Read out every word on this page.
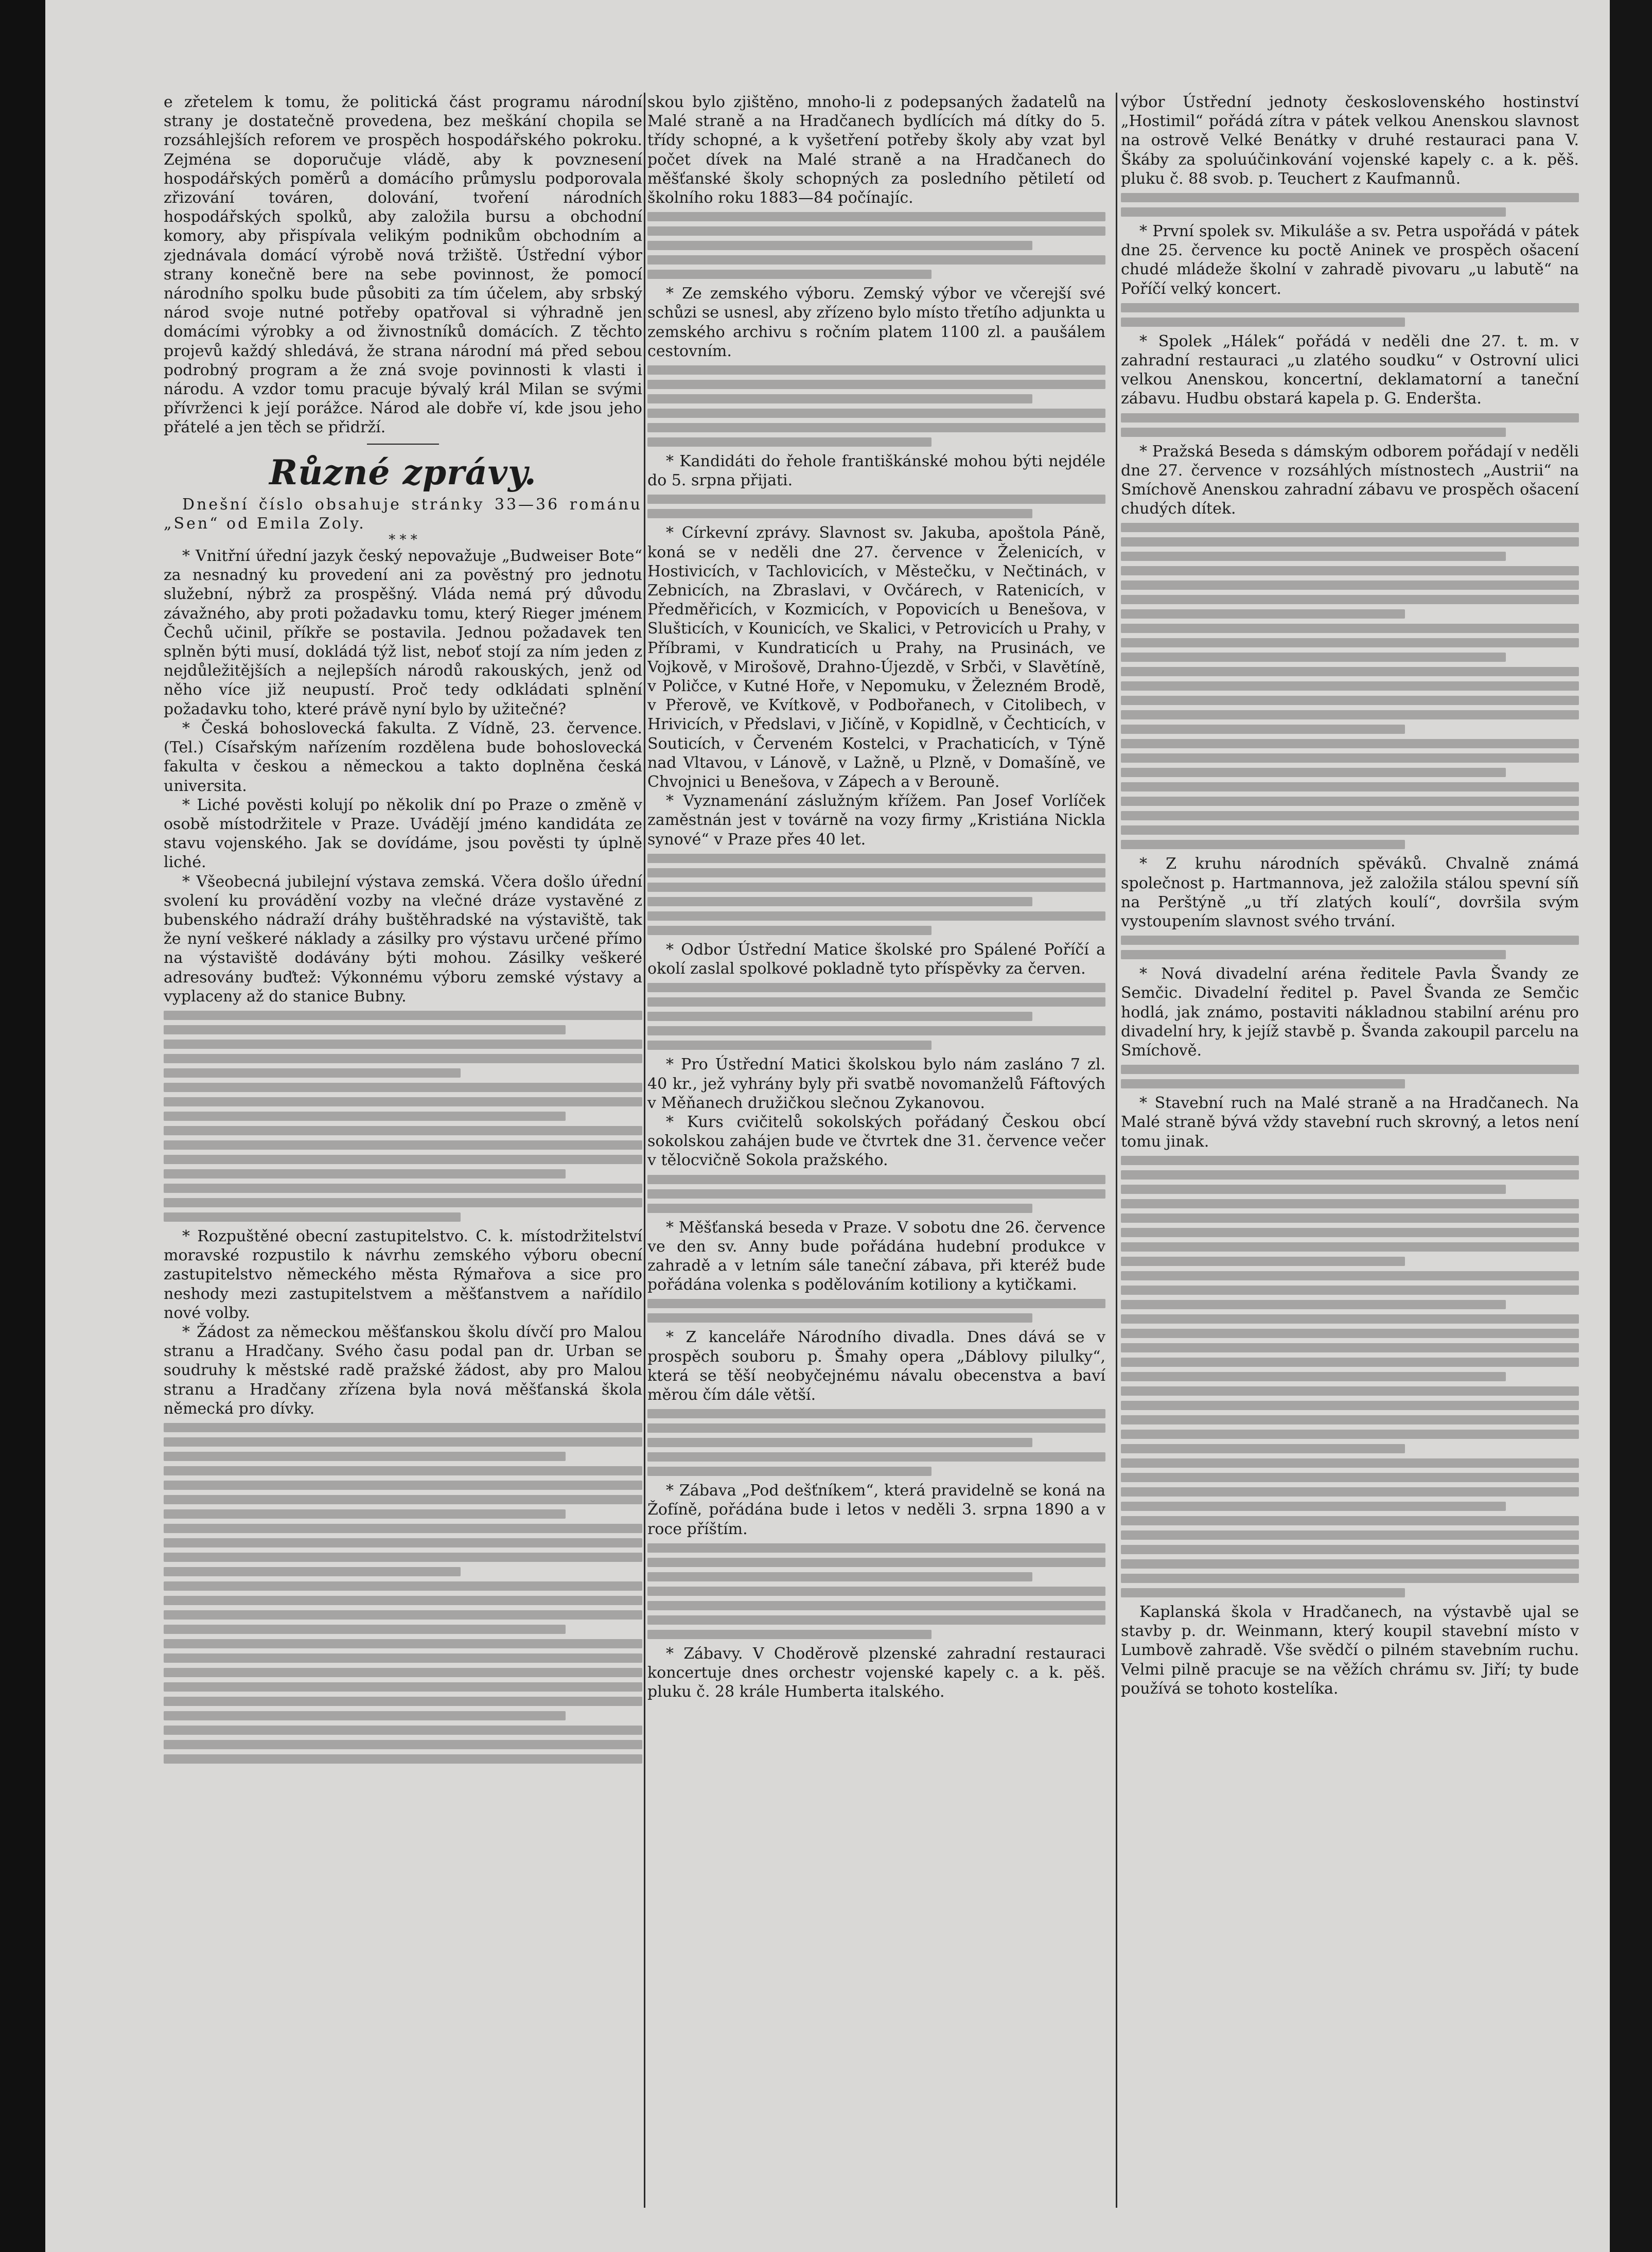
e zřetelem k tomu, že politická část programu národní strany je dostatečně provedena, bez meškání chopila se rozsáhlejších reforem ve prospěch hospodářského pokroku. Zejména se doporučuje vládě, aby k povznesení hospodářských poměrů a domácího průmyslu podporovala zřizování továren, dolování, tvoření národních hospodářských spolků, aby založila bursu a obchodní komory, aby přispívala velikým podnikům obchodním a zjednávala domácí výrobě nová tržiště. Ústřední výbor strany konečně bere na sebe povinnost, že pomocí národního spolku bude působiti za tím účelem, aby srbský národ svoje nutné potřeby opatřoval si výhradně jen domácími výrobky a od živnostníků domácích. Z těchto projevů každý shledává, že strana národní má před sebou podrobný program a že zná svoje povinnosti k vlasti i národu. A vzdor tomu pracuje bývalý král Milan se svými přívrženci k její porážce. Národ ale dobře ví, kde jsou jeho přátelé a jen těch se přidrží.

Různé zprávy.

Dnešní číslo obsahuje stránky 33—36 románu „Sen“ od Emila Zoly.

* * *

* Vnitřní úřední jazyk český nepovažuje „Budweiser Bote“ za nesnadný ku provedení ani za pověstný pro jednotu služební, nýbrž za prospěšný. Vláda nemá prý důvodu závažného, aby proti požadavku tomu, který Rieger jménem Čechů učinil, příkře se postavila. Jednou požadavek ten splněn býti musí, dokládá týž list, neboť stojí za ním jeden z nejdůležitějších a nejlepších národů rakouských, jenž od něho více již neupustí. Proč tedy odkládati splnění požadavku toho, které právě nyní bylo by užitečné?

* Česká bohoslovecká fakulta. Z Vídně, 23. července. (Tel.) Císařským nařízením rozdělena bude bohoslovecká fakulta v českou a německou a takto doplněna česká universita.

* Liché pověsti kolují po několik dní po Praze o změně v osobě místodržitele v Praze. Uvádějí jméno kandidáta ze stavu vojenského. Jak se dovídáme, jsou pověsti ty úplně liché.

* Všeobecná jubilejní výstava zemská. Včera došlo úřední svolení ku provádění vozby na vlečné dráze vystavěné z bubenského nádraží dráhy buštěhradské na výstaviště, tak že nyní veškeré náklady a zásilky pro výstavu určené přímo na výstaviště dodávány býti mohou. Zásilky veškeré adresovány buďtež: Výkonnému výboru zemské výstavy a vyplaceny až do stanice Bubny.

* Rozpuštěné obecní zastupitelstvo. C. k. místodržitelství moravské rozpustilo k návrhu zemského výboru obecní zastupitelstvo německého města Rýmařova a sice pro neshody mezi zastupitelstvem a měšťanstvem a nařídilo nové volby.

* Žádost za německou měšťanskou školu dívčí pro Malou stranu a Hradčany. Svého času podal pan dr. Urban se soudruhy k městské radě pražské žádost, aby pro Malou stranu a Hradčany zřízena byla nová měšťanská škola německá pro dívky.

skou bylo zjištěno, mnoho-li z podepsaných žadatelů na Malé straně a na Hradčanech bydlících má dítky do 5. třídy schopné, a k vyšetření potřeby školy aby vzat byl počet dívek na Malé straně a na Hradčanech do měšťanské školy schopných za posledního pětiletí od školního roku 1883—84 počínajíc.

* Ze zemského výboru. Zemský výbor ve včerejší své schůzi se usnesl, aby zřízeno bylo místo třetího adjunkta u zemského archivu s ročním platem 1100 zl. a paušálem cestovním.

* Kandidáti do řehole františkánské mohou býti nejdéle do 5. srpna přijati.

* Církevní zprávy. Slavnost sv. Jakuba, apoštola Páně, koná se v neděli dne 27. července v Želenicích, v Hostivicích, v Tachlovicích, v Městečku, v Nečtinách, v Zebnicích, na Zbraslavi, v Ovčárech, v Ratenicích, v Předměřicích, v Kozmicích, v Popovicích u Benešova, v Slušticích, v Kounicích, ve Skalici, v Petrovicích u Prahy, v Příbrami, v Kundraticích u Prahy, na Prusinách, ve Vojkově, v Mirošově, Drahno-Újezdě, v Srbči, v Slavětíně, v Poličce, v Kutné Hoře, v Nepomuku, v Železném Brodě, v Přerově, ve Kvítkově, v Podbořanech, v Citolibech, v Hrivicích, v Předslavi, v Jičíně, v Kopidlně, v Čechticích, v Souticích, v Červeném Kostelci, v Prachaticích, v Týně nad Vltavou, v Lánově, v Lažně, u Plzně, v Domašíně, ve Chvojnici u Benešova, v Zápech a v Berouně.

* Vyznamenání záslužným křížem. Pan Josef Vorlíček zaměstnán jest v továrně na vozy firmy „Kristiána Nickla synové“ v Praze přes 40 let.

* Odbor Ústřední Matice školské pro Spálené Poříčí a okolí zaslal spolkové pokladně tyto příspěvky za červen.

* Pro Ústřední Matici školskou bylo nám zasláno 7 zl. 40 kr., jež vyhrány byly při svatbě novomanželů Fáftových v Měňanech družičkou slečnou Zykanovou.

* Kurs cvičitelů sokolských pořádaný Českou obcí sokolskou zahájen bude ve čtvrtek dne 31. července večer v tělocvičně Sokola pražského.

* Měšťanská beseda v Praze. V sobotu dne 26. července ve den sv. Anny bude pořádána hudební produkce v zahradě a v letním sále taneční zábava, při kteréž bude pořádána volenka s podělováním kotiliony a kytičkami.

* Z kanceláře Národního divadla. Dnes dává se v prospěch souboru p. Šmahy opera „Dáblovy pilulky“, která se těší neobyčejnému návalu obecenstva a baví měrou čím dále větší.

* Zábava „Pod dešťníkem“, která pravidelně se koná na Žofíně, pořádána bude i letos v neděli 3. srpna 1890 a v roce příštím.

* Zábavy. V Choděrově plzenské zahradní restauraci koncertuje dnes orchestr vojenské kapely c. a k. pěš. pluku č. 28 krále Humberta italského.

výbor Ústřední jednoty československého hostinství „Hostimil“ pořádá zítra v pátek velkou Anenskou slavnost na ostrově Velké Benátky v druhé restauraci pana V. Škáby za spoluúčinkování vojenské kapely c. a k. pěš. pluku č. 88 svob. p. Teuchert z Kaufmannů.

* První spolek sv. Mikuláše a sv. Petra uspořádá v pátek dne 25. července ku poctě Aninek ve prospěch ošacení chudé mládeže školní v zahradě pivovaru „u labutě“ na Poříčí velký koncert.

* Spolek „Hálek“ pořádá v neděli dne 27. t. m. v zahradní restauraci „u zlatého soudku“ v Ostrovní ulici velkou Anenskou, koncertní, deklamatorní a taneční zábavu. Hudbu obstará kapela p. G. Enderšta.

* Pražská Beseda s dámským odborem pořádají v neděli dne 27. července v rozsáhlých místnostech „Austrii“ na Smíchově Anenskou zahradní zábavu ve prospěch ošacení chudých dítek.

* Z kruhu národních spěváků. Chvalně známá společnost p. Hartmannova, jež založila stálou spevní síň na Perštýně „u tří zlatých koulí“, dovršila svým vystoupením slavnost svého trvání.

* Nová divadelní aréna ředitele Pavla Švandy ze Semčic. Divadelní ředitel p. Pavel Švanda ze Semčic hodlá, jak známo, postaviti nákladnou stabilní arénu pro divadelní hry, k jejíž stavbě p. Švanda zakoupil parcelu na Smíchově.

* Stavební ruch na Malé straně a na Hradčanech. Na Malé straně bývá vždy stavební ruch skrovný, a letos není tomu jinak.

Kaplanská škola v Hradčanech, na výstavbě ujal se stavby p. dr. Weinmann, který koupil stavební místo v Lumbově zahradě. Vše svědčí o pilném stavebním ruchu. Velmi pilně pracuje se na věžích chrámu sv. Jiří; ty bude používá se tohoto kostelíka.
